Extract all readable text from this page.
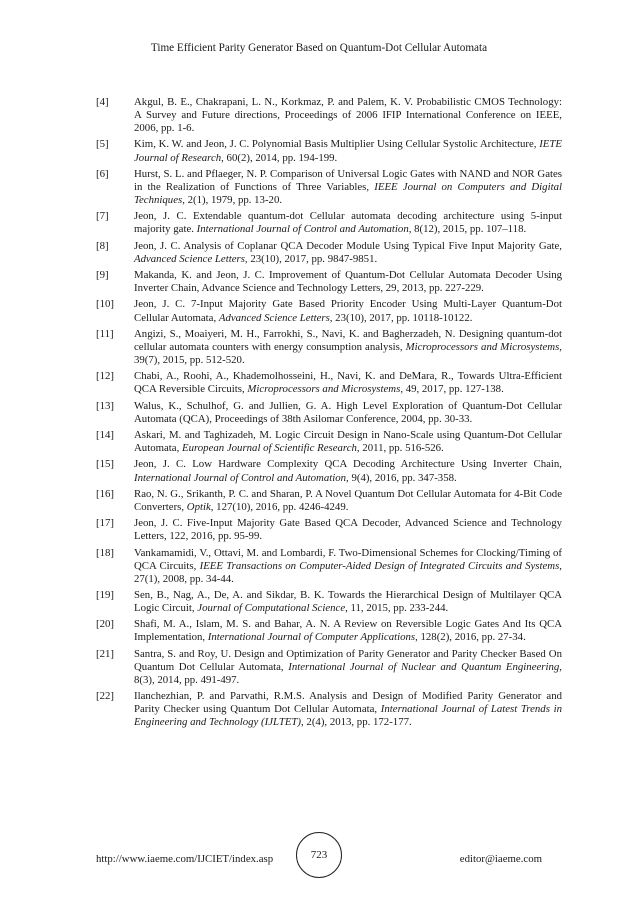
Time Efficient Parity Generator Based on Quantum-Dot Cellular Automata
[4]	Akgul, B. E., Chakrapani, L. N., Korkmaz, P. and Palem, K. V. Probabilistic CMOS Technology: A Survey and Future directions, Proceedings of 2006 IFIP International Conference on IEEE, 2006, pp. 1-6.
[5]	Kim, K. W. and Jeon, J. C. Polynomial Basis Multiplier Using Cellular Systolic Architecture, IETE Journal of Research, 60(2), 2014, pp. 194-199.
[6]	Hurst, S. L. and Pflaeger, N. P. Comparison of Universal Logic Gates with NAND and NOR Gates in the Realization of Functions of Three Variables, IEEE Journal on Computers and Digital Techniques, 2(1), 1979, pp. 13-20.
[7]	Jeon, J. C. Extendable quantum-dot Cellular automata decoding architecture using 5-input majority gate. International Journal of Control and Automation, 8(12), 2015, pp. 107–118.
[8]	Jeon, J. C. Analysis of Coplanar QCA Decoder Module Using Typical Five Input Majority Gate, Advanced Science Letters, 23(10), 2017, pp. 9847-9851.
[9]	Makanda, K. and Jeon, J. C. Improvement of Quantum-Dot Cellular Automata Decoder Using Inverter Chain, Advance Science and Technology Letters, 29, 2013, pp. 227-229.
[10]	Jeon, J. C. 7-Input Majority Gate Based Priority Encoder Using Multi-Layer Quantum-Dot Cellular Automata, Advanced Science Letters, 23(10), 2017, pp. 10118-10122.
[11]	Angizi, S., Moaiyeri, M. H., Farrokhi, S., Navi, K. and Bagherzadeh, N. Designing quantum-dot cellular automata counters with energy consumption analysis, Microprocessors and Microsystems, 39(7), 2015, pp. 512-520.
[12]	Chabi, A., Roohi, A., Khademolhosseini, H., Navi, K. and DeMara, R., Towards Ultra-Efficient QCA Reversible Circuits, Microprocessors and Microsystems, 49, 2017, pp. 127-138.
[13]	Walus, K., Schulhof, G. and Jullien, G. A. High Level Exploration of Quantum-Dot Cellular Automata (QCA), Proceedings of 38th Asilomar Conference, 2004, pp. 30-33.
[14]	Askari, M. and Taghizadeh, M. Logic Circuit Design in Nano-Scale using Quantum-Dot Cellular Automata, European Journal of Scientific Research, 2011, pp. 516-526.
[15]	Jeon, J. C. Low Hardware Complexity QCA Decoding Architecture Using Inverter Chain, International Journal of Control and Automation, 9(4), 2016, pp. 347-358.
[16]	Rao, N. G., Srikanth, P. C. and Sharan, P. A Novel Quantum Dot Cellular Automata for 4-Bit Code Converters, Optik, 127(10), 2016, pp. 4246-4249.
[17]	Jeon, J. C. Five-Input Majority Gate Based QCA Decoder, Advanced Science and Technology Letters, 122, 2016, pp. 95-99.
[18]	Vankamamidi, V., Ottavi, M. and Lombardi, F. Two-Dimensional Schemes for Clocking/Timing of QCA Circuits, IEEE Transactions on Computer-Aided Design of Integrated Circuits and Systems, 27(1), 2008, pp. 34-44.
[19]	Sen, B., Nag, A., De, A. and Sikdar, B. K. Towards the Hierarchical Design of Multilayer QCA Logic Circuit, Journal of Computational Science, 11, 2015, pp. 233-244.
[20]	Shafi, M. A., Islam, M. S. and Bahar, A. N. A Review on Reversible Logic Gates And Its QCA Implementation, International Journal of Computer Applications, 128(2), 2016, pp. 27-34.
[21]	Santra, S. and Roy, U. Design and Optimization of Parity Generator and Parity Checker Based On Quantum Dot Cellular Automata, International Journal of Nuclear and Quantum Engineering, 8(3), 2014, pp. 491-497.
[22]	Ilanchezhian, P. and Parvathi, R.M.S. Analysis and Design of Modified Parity Generator and Parity Checker using Quantum Dot Cellular Automata, International Journal of Latest Trends in Engineering and Technology (IJLTET), 2(4), 2013, pp. 172-177.
http://www.iaeme.com/IJCIET/index.asp	723	editor@iaeme.com
